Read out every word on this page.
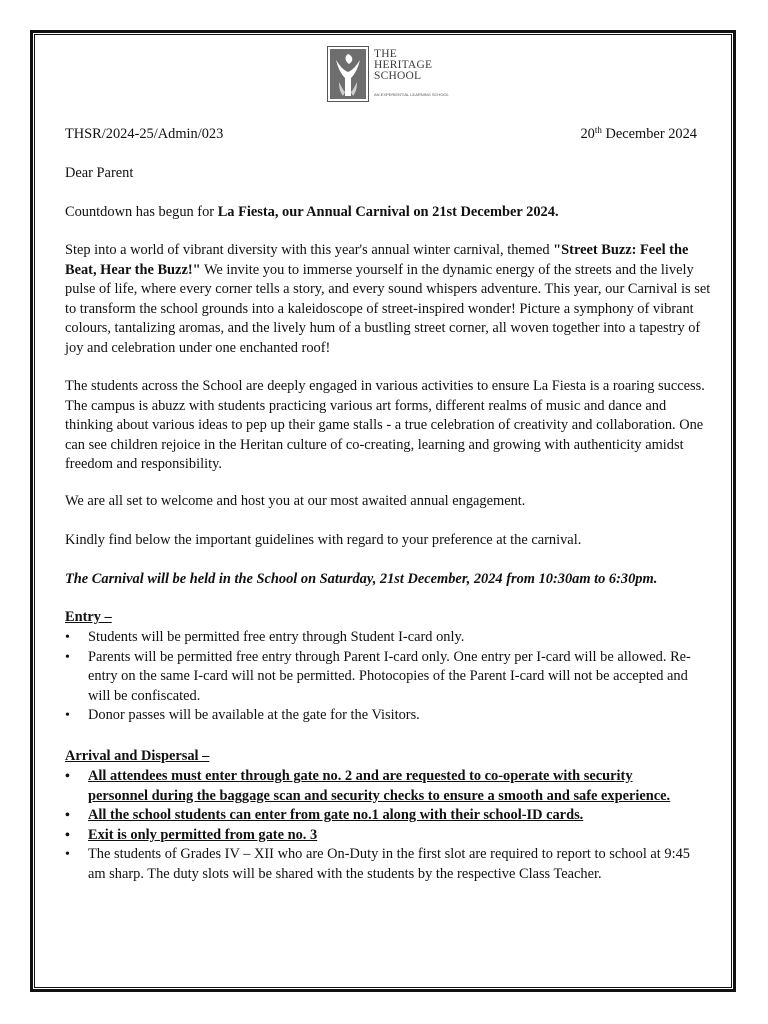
THE
HERITAGE
SCHOOL
AN EXPERIENTIAL LEARNING SCHOOL
THSR/2024-25/Admin/023	20th December 2024
Dear Parent
Countdown has begun for La Fiesta, our Annual Carnival on 21st December 2024.
Step into a world of vibrant diversity with this year's annual winter carnival, themed "Street Buzz: Feel the Beat, Hear the Buzz!" We invite you to immerse yourself in the dynamic energy of the streets and the lively pulse of life, where every corner tells a story, and every sound whispers adventure. This year, our Carnival is set to transform the school grounds into a kaleidoscope of street-inspired wonder! Picture a symphony of vibrant colours, tantalizing aromas, and the lively hum of a bustling street corner, all woven together into a tapestry of joy and celebration under one enchanted roof!
The students across the School are deeply engaged in various activities to ensure La Fiesta is a roaring success. The campus is abuzz with students practicing various art forms, different realms of music and dance and thinking about various ideas to pep up their game stalls - a true celebration of creativity and collaboration. One can see children rejoice in the Heritan culture of co-creating, learning and growing with authenticity amidst freedom and responsibility.
We are all set to welcome and host you at our most awaited annual engagement.
Kindly find below the important guidelines with regard to your preference at the carnival.
The Carnival will be held in the School on Saturday, 21st December, 2024 from 10:30am to 6:30pm.
Entry –
• Students will be permitted free entry through Student I-card only.
• Parents will be permitted free entry through Parent I-card only. One entry per I-card will be allowed. Re-entry on the same I-card will not be permitted. Photocopies of the Parent I-card will not be accepted and will be confiscated.
• Donor passes will be available at the gate for the Visitors.
Arrival and Dispersal –
• All attendees must enter through gate no. 2 and are requested to co-operate with security personnel during the baggage scan and security checks to ensure a smooth and safe experience.
• All the school students can enter from gate no.1 along with their school-ID cards.
• Exit is only permitted from gate no. 3
• The students of Grades IV – XII who are On-Duty in the first slot are required to report to school at 9:45 am sharp. The duty slots will be shared with the students by the respective Class Teacher.
